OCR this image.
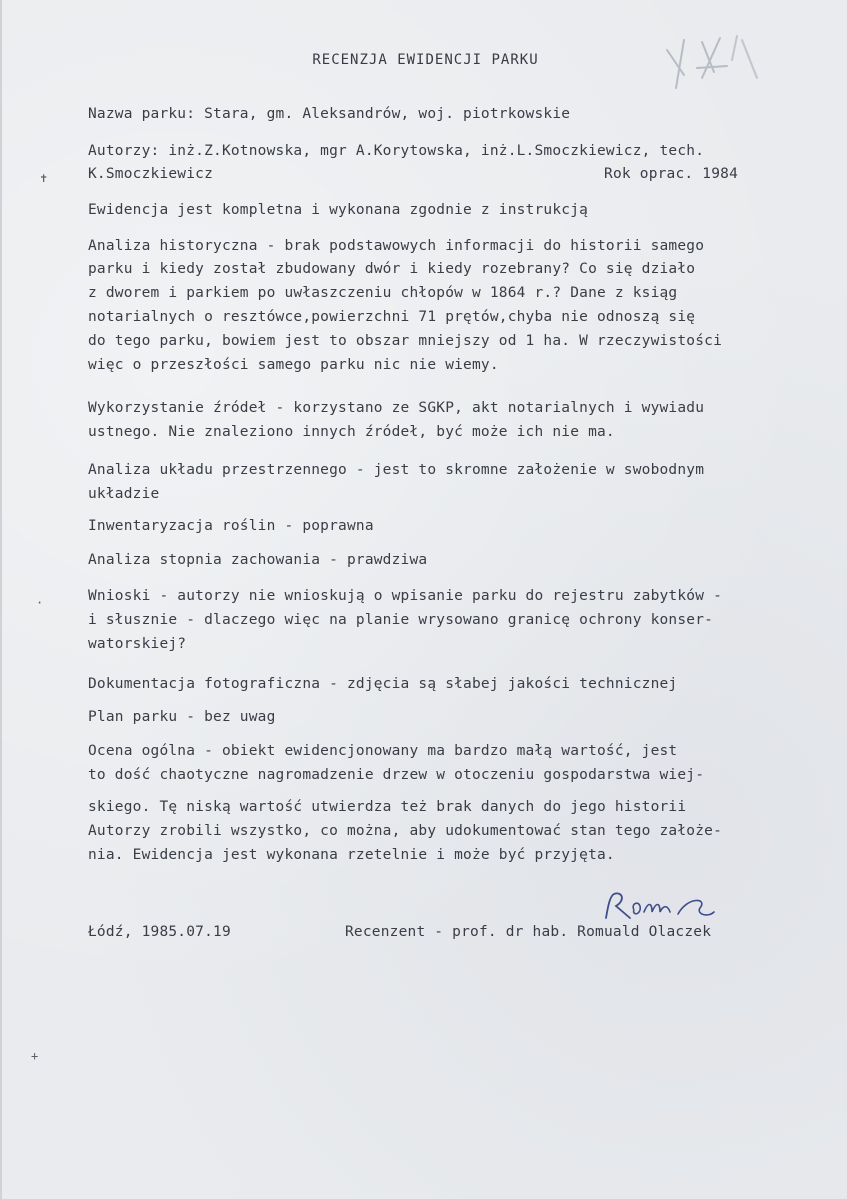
RECENZJA EWIDENCJI PARKU
Nazwa parku: Stara, gm. Aleksandrów, woj. piotrkowskie
Autorzy: inż.Z.Kotnowska, mgr A.Korytowska, inż.L.Smoczkiewicz, tech.
K.Smoczkiewicz	Rok oprac. 1984
Ewidencja jest kompletna i wykonana zgodnie z instrukcją
Analiza historyczna - brak podstawowych informacji do historii samego
parku i kiedy został zbudowany dwór i kiedy rozebrany? Co się działo
z dworem i parkiem po uwłaszczeniu chłopów w 1864 r.? Dane z ksiąg
notarialnych o resztówce,powierzchni 71 prętów,chyba nie odnoszą się
do tego parku, bowiem jest to obszar mniejszy od 1 ha. W rzeczywistości
więc o przeszłości samego parku nic nie wiemy.
Wykorzystanie źródeł - korzystano ze SGKP, akt notarialnych i wywiadu
ustnego. Nie znaleziono innych źródeł, być może ich nie ma.
Analiza układu przestrzennego - jest to skromne założenie w swobodnym
układzie
Inwentaryzacja roślin - poprawna
Analiza stopnia zachowania - prawdziwa
Wnioski - autorzy nie wnioskują o wpisanie parku do rejestru zabytków -
i słusznie - dlaczego więc na planie wrysowano granicę ochrony konser-
watorskiej?
Dokumentacja fotograficzna - zdjęcia są słabej jakości technicznej
Plan parku - bez uwag
Ocena ogólna - obiekt ewidencjonowany ma bardzo małą wartość, jest
to dość chaotyczne nagromadzenie drzew w otoczeniu gospodarstwa wiej-
skiego. Tę niską wartość utwierdza też brak danych do jego historii
Autorzy zrobili wszystko, co można, aby udokumentować stan tego założe-
nia. Ewidencja jest wykonana rzetelnie i może być przyjęta.
Łódź, 1985.07.19	Recenzent - prof. dr hab. Romuald Olaczek
✝
·
+
